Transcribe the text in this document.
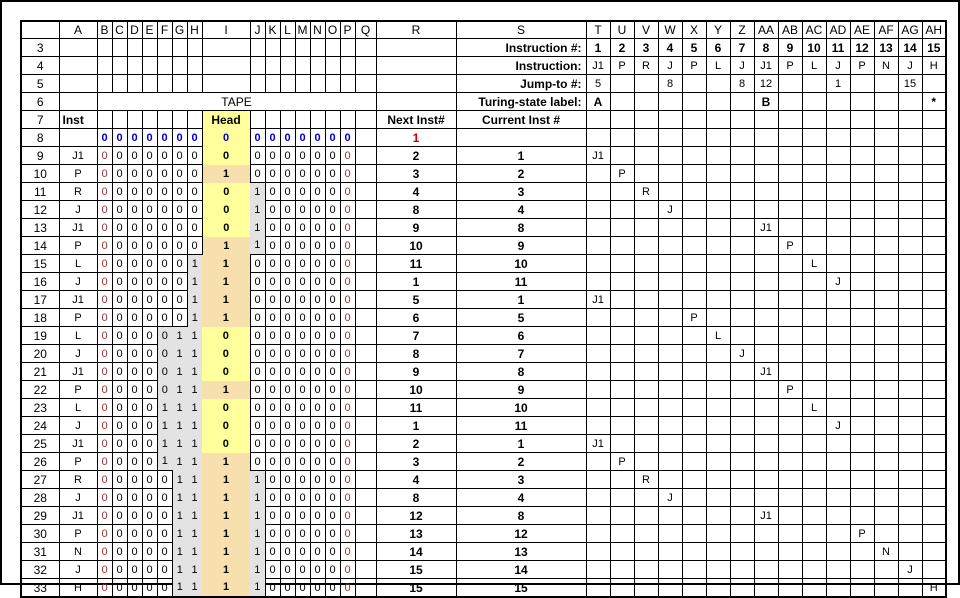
	A	B	C	D	E	F	G	H	I	J	K	L	M	N	O	P	Q	R	S	T	U	V	W	X	Y	Z	AA	AB	AC	AD	AE	AF	AG	AH
3																			Instruction #:	1	2	3	4	5	6	7	8	9	10	11	12	13	14	15
4																			Instruction:	J1	P	R	J	P	L	J	J1	P	L	J	P	N	J	H
5																			Jump-to #:	5			8			8	12			1			15	
6		TAPE																	Turing-state label:	A							B							*
7	Inst								Head									Next Inst#	Current Inst #															
8		0	0	0	0	0	0	0	0	0	0	0	0	0	0	0		1																
9	J1	0	0	0	0	0	0	0	0	0	0	0	0	0	0	0		2	1	J1														
10	P	0	0	0	0	0	0	0	1	0	0	0	0	0	0	0		3	2		P													
11	R	0	0	0	0	0	0	0	0	1	0	0	0	0	0	0		4	3			R												
12	J	0	0	0	0	0	0	0	0	1	0	0	0	0	0	0		8	4				J											
13	J1	0	0	0	0	0	0	0	0	1	0	0	0	0	0	0		9	8								J1							
14	P	0	0	0	0	0	0	0	1	1	0	0	0	0	0	0		10	9									P						
15	L	0	0	0	0	0	0	1	1	0	0	0	0	0	0	0		11	10										L					
16	J	0	0	0	0	0	0	1	1	0	0	0	0	0	0	0		1	11											J				
17	J1	0	0	0	0	0	0	1	1	0	0	0	0	0	0	0		5	1	J1														
18	P	0	0	0	0	0	0	1	1	0	0	0	0	0	0	0		6	5					P										
19	L	0	0	0	0	0	1	1	0	0	0	0	0	0	0	0		7	6						L									
20	J	0	0	0	0	0	1	1	0	0	0	0	0	0	0	0		8	7							J								
21	J1	0	0	0	0	0	1	1	0	0	0	0	0	0	0	0		9	8								J1							
22	P	0	0	0	0	0	1	1	1	0	0	0	0	0	0	0		10	9									P						
23	L	0	0	0	0	1	1	1	0	0	0	0	0	0	0	0		11	10										L					
24	J	0	0	0	0	1	1	1	0	0	0	0	0	0	0	0		1	11											J				
25	J1	0	0	0	0	1	1	1	0	0	0	0	0	0	0	0		2	1	J1														
26	P	0	0	0	0	1	1	1	1	0	0	0	0	0	0	0		3	2		P													
27	R	0	0	0	0	0	1	1	1	1	0	0	0	0	0	0		4	3			R												
28	J	0	0	0	0	0	1	1	1	1	0	0	0	0	0	0		8	4				J											
29	J1	0	0	0	0	0	1	1	1	1	0	0	0	0	0	0		12	8								J1							
30	P	0	0	0	0	0	1	1	1	1	0	0	0	0	0	0		13	12												P			
31	N	0	0	0	0	0	1	1	1	1	0	0	0	0	0	0		14	13													N		
32	J	0	0	0	0	0	1	1	1	1	0	0	0	0	0	0		15	14														J	
33	H	0	0	0	0	0	1	1	1	1	0	0	0	0	0	0		15	15															H
